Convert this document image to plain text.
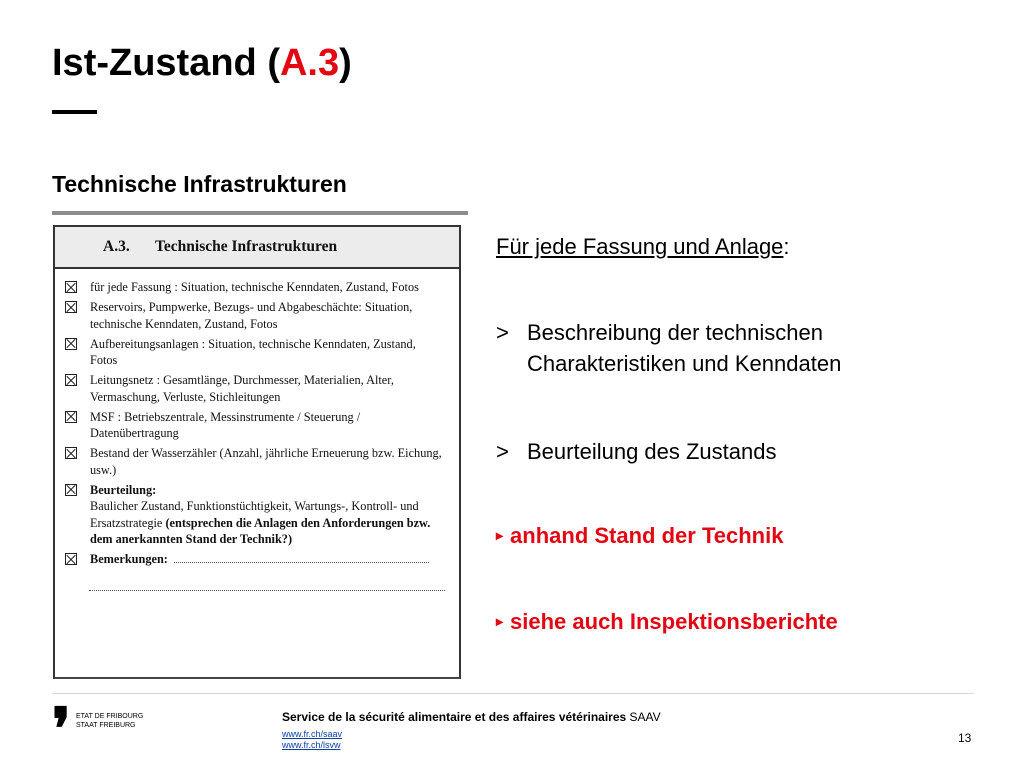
Ist-Zustand (A.3)
Technische Infrastrukturen
A.3.	Technische Infrastrukturen
für jede Fassung : Situation, technische Kenndaten, Zustand, Fotos
Reservoirs, Pumpwerke, Bezugs- und Abgabeschächte: Situation, technische Kenndaten, Zustand, Fotos
Aufbereitungsanlagen : Situation, technische Kenndaten, Zustand, Fotos
Leitungsnetz : Gesamtlänge, Durchmesser, Materialien, Alter, Vermaschung, Verluste, Stichleitungen
MSF : Betriebszentrale, Messinstrumente / Steuerung / Datenübertragung
Bestand der Wasserzähler (Anzahl, jährliche Erneuerung bzw. Eichung, usw.)
Beurteilung:
Baulicher Zustand, Funktionstüchtigkeit, Wartungs-, Kontroll- und Ersatzstrategie (entsprechen die Anlagen den Anforderungen bzw. dem anerkannten Stand der Technik?)
Bemerkungen:
Für jede Fassung und Anlage:
> Beschreibung der technischen
Charakteristiken und Kenndaten
> Beurteilung des Zustands
▸ anhand Stand der Technik
▸ siehe auch Inspektionsberichte
❜ ETAT DE FRIBOURG
STAAT FREIBURG
Service de la sécurité alimentaire et des affaires vétérinaires SAAV
www.fr.ch/saav
www.fr.ch/lsvw	13
